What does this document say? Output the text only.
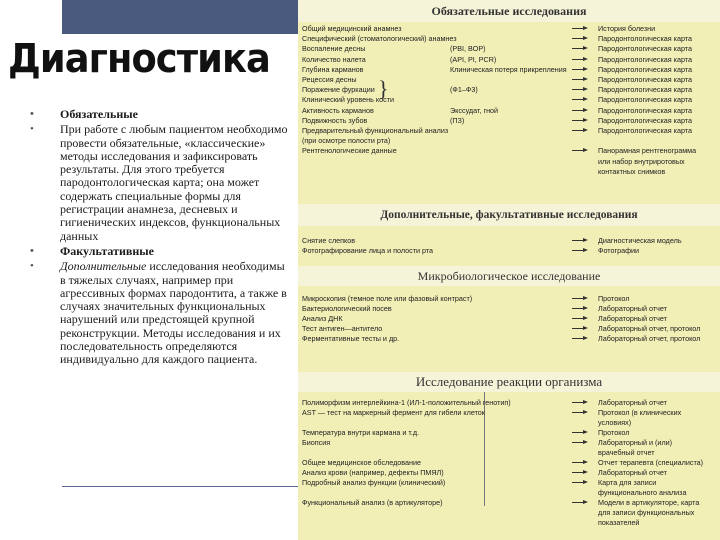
Диагностика
• Обязательные
• При работе с любым пациентом необходимо провести обязательные, «классические» методы исследования и зафиксировать результаты. Для этого требуется пародонтологическая карта; она может содержать специальные формы для регистрации анамнеза, десневых и гигиенических индексов, функциональных данных
• Факультативные
• Дополнительные исследования необходимы в тяжелых случаях, например при агрессивных формах пародонтита, а также в случаях значительных функциональных нарушений или предстоящей крупной реконструкции. Методы исследования и их последовательность определяются индивидуально для каждого пациента.
}
Обязательные исследования
Дополнительные, факультативные исследования
Микробиологическое исследование
Исследование реакции организма
Общий медицинский анамнез	История болезни
Специфический (стоматологический) анамнез	Пародонтологическая карта
Воспаление десны	(PBI, BOP)	Пародонтологическая карта
Количество налета	(API, PI, PCR)	Пародонтологическая карта
Глубина карманов	Клиническая потеря прикрепления	Пародонтологическая карта
Рецессия десны	Пародонтологическая карта
Поражение фуркации	(Ф1–Ф3)	Пародонтологическая карта
Клинический уровень кости	Пародонтологическая карта
Активность карманов	Экссудат, гной	Пародонтологическая карта
Подвижность зубов	(ПЗ)	Пародонтологическая карта
Предварительный функциональный анализ	Пародонтологическая карта
(при осмотре полости рта)
Рентгенологические данные	Панорамная рентгенограмма
или набор внутриротовых
контактных снимков
Снятие слепков	Диагностическая модель
Фотографирование лица и полости рта	Фотографии
Микроскопия (темное поле или фазовый контраст)	Протокол
Бактериологический посев	Лабораторный отчет
Анализ ДНК	Лабораторный отчет
Тест антиген—антитело	Лабораторный отчет, протокол
Ферментативные тесты и др.	Лабораторный отчет, протокол
Полиморфизм интерлейкина-1 (ИЛ-1-положительный генотип)	Лабораторный отчет
AST — тест на маркерный фермент для гибели клеток	Протокол (в клинических
условиях)
Температура внутри кармана и т.д.	Протокол
Биопсия	Лабораторный и (или)
врачебный отчет
Общее медицинское обследование	Отчет терапевта (специалиста)
Анализ крови (например, дефекты ПМЯЛ)	Лабораторный отчет
Подробный анализ функции (клинический)	Карта для записи
функционального анализа
Функциональный анализ (в артикуляторе)	Модели в артикуляторе, карта
для записи функциональных
показателей
